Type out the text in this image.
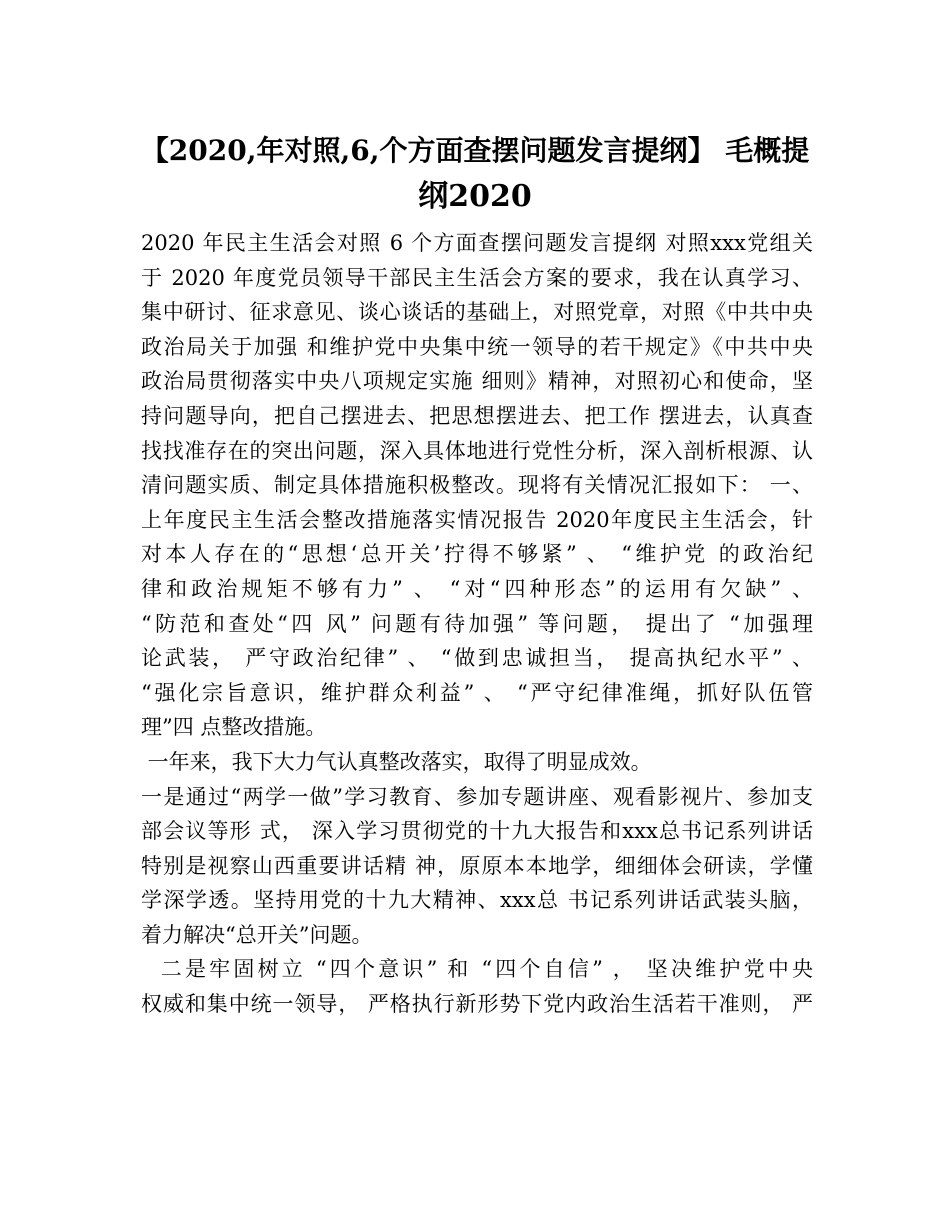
【2020,年对照,6,个方面查摆问题发言提纲】 毛概提
纲2020
2020 年民主生活会对照 6 个方面查摆问题发言提纲 对照xxx党组关
于 2020 年度党员领导干部民主生活会方案的要求，我在认真学习、
集中研讨、征求意见、谈心谈话的基础上，对照党章，对照《中共中央
政治局关于加强 和维护党中央集中统一领导的若干规定》《中共中央
政治局贯彻落实中央八项规定实施 细则》精神，对照初心和使命，坚
持问题导向，把自己摆进去、把思想摆进去、把工作 摆进去，认真查
找找准存在的突出问题，深入具体地进行党性分析，深入剖析根源、认
清问题实质、制定具体措施积极整改。现将有关情况汇报如下： 一、
上年度民主生活会整改措施落实情况报告 2020年度民主生活会，针
对本人存在的“思想‘总开关’拧得不够紧” 、 “维护党 的政治纪
律和政治规矩不够有力” 、 “对“四种形态”的运用有欠缺” 、
“防范和查处“四 风” 问题有待加强” 等问题， 提出了 “加强理
论武装， 严守政治纪律” 、 “做到忠诚担当， 提高执纪水平” 、
“强化宗旨意识，维护群众利益” 、 “严守纪律准绳，抓好队伍管
理”四 点整改措施。
一年来，我下大力气认真整改落实，取得了明显成效。
一是通过“两学一做”学习教育、参加专题讲座、观看影视片、参加支
部会议等形 式， 深入学习贯彻党的十九大报告和xxx总书记系列讲话
特别是视察山西重要讲话精 神，原原本本地学，细细体会研读，学懂
学深学透。坚持用党的十九大精神、xxx总 书记系列讲话武装头脑，
着力解决“总开关”问题。
二是牢固树立 “四个意识” 和 “四个自信” ， 坚决维护党中央
权威和集中统一领导， 严格执行新形势下党内政治生活若干准则， 严
